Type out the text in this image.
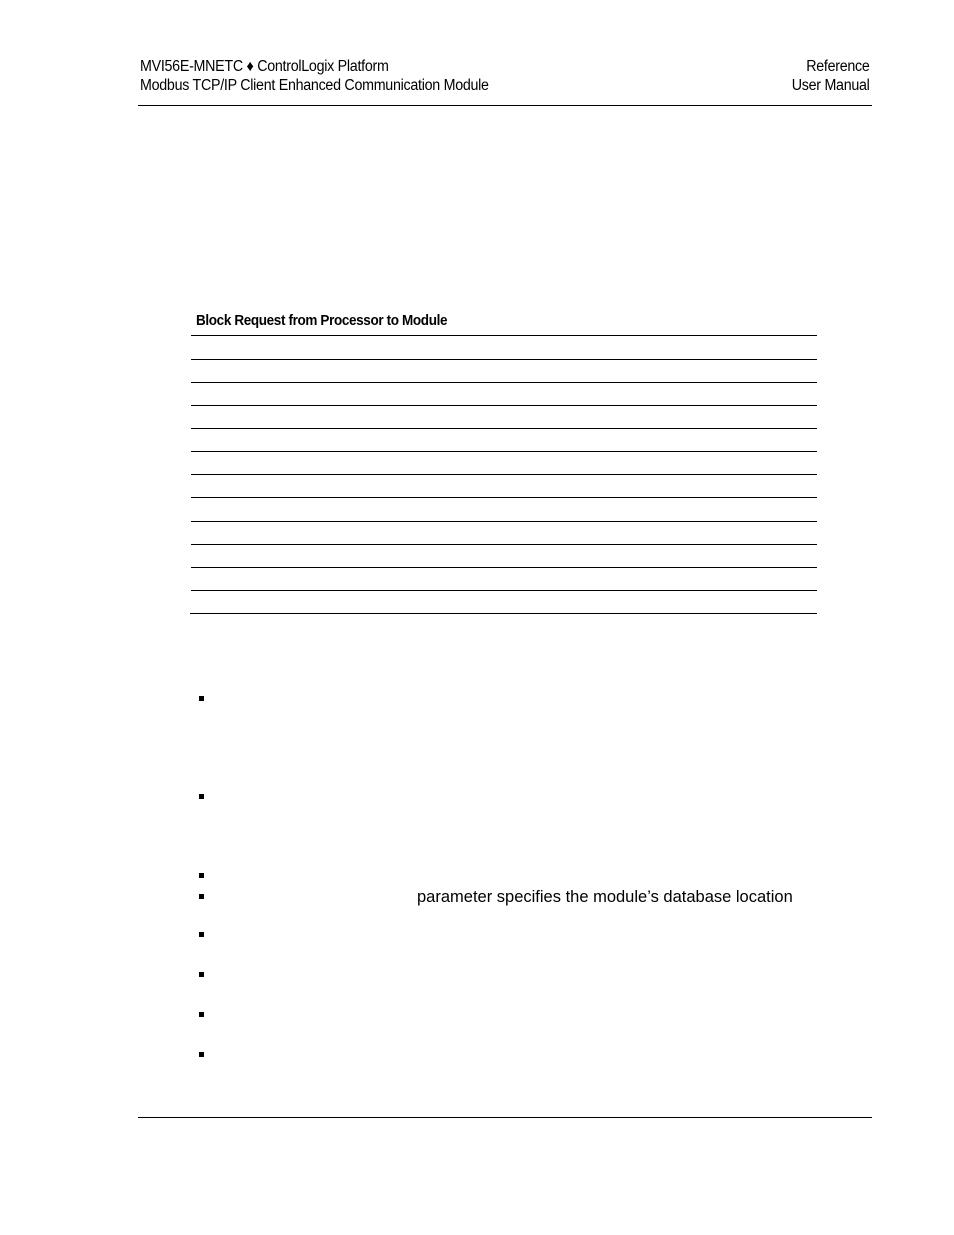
MVI56E-MNETC ♦ ControlLogix Platform
Modbus TCP/IP Client Enhanced Communication Module
Reference
User Manual
Block Request from Processor to Module
parameter specifies the module’s database location
